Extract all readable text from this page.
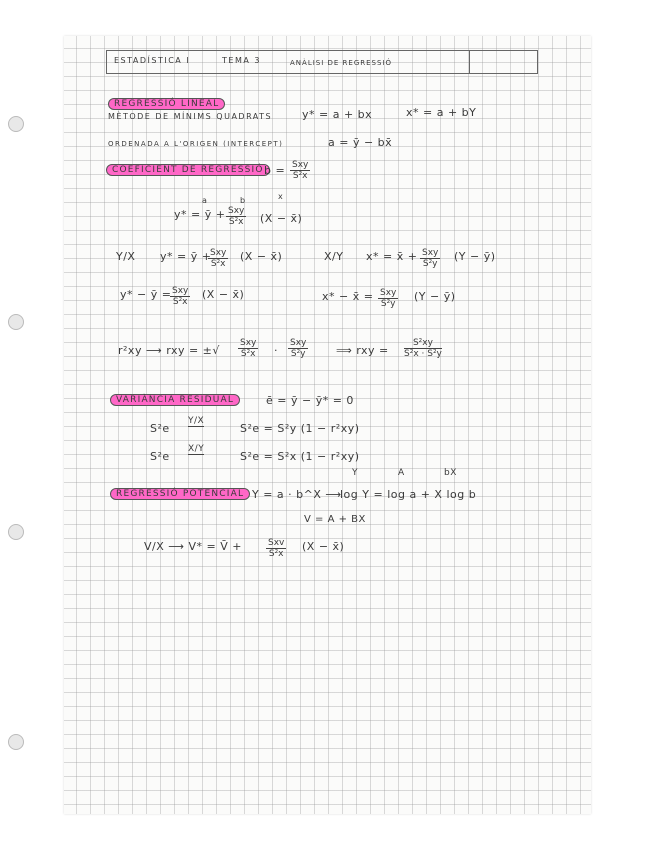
ESTADÍSTICA I	TEMA 3	ANÀLISI DE REGRESSIÓ
REGRESSIÓ LINEAL
MÈTODE DE MÍNIMS QUADRATS	y* = a + bx	x* = a + bY
ORDENADA A L'ORIGEN (INTERCEPT)	a = ȳ − bx̄
COEFICIENT DE REGRESSIÓ b = Sxy
S²x
a	b	x
y* = ȳ + Sxy
S²x (X − x̄)
Y/X y* = ȳ +
Sxy
S²x
(X − x̄)	X/Y x* = x̄ + Sxy
S²y
(Y − ȳ)
y* − ȳ = Sxy
S²x
(X − x̄)	x* − x̄ = Sxy
S²y
(Y − ȳ)
r²xy ⟶ rxy = ±√
Sxy
S²x ·
Sxy
S²y	⟹ rxy = $\frac{\text{S²xy}}{\text{S²x · S²y}}$
VARIÀNCIA RESIDUAL	ē = ȳ − ȳ* = 0
S²e
Y/X
S²e = S²y (1 − r²xy)
S²e
X/Y
S²e = S²x (1 − r²xy)
REGRESSIÓ POTENCIAL Y = a · b^X ⟶
Y	A	bX
log Y = log a + X log b
V = A + BX
V/X ⟶ V* = V̄ +	Sxv
S²x
(X − x̄)
